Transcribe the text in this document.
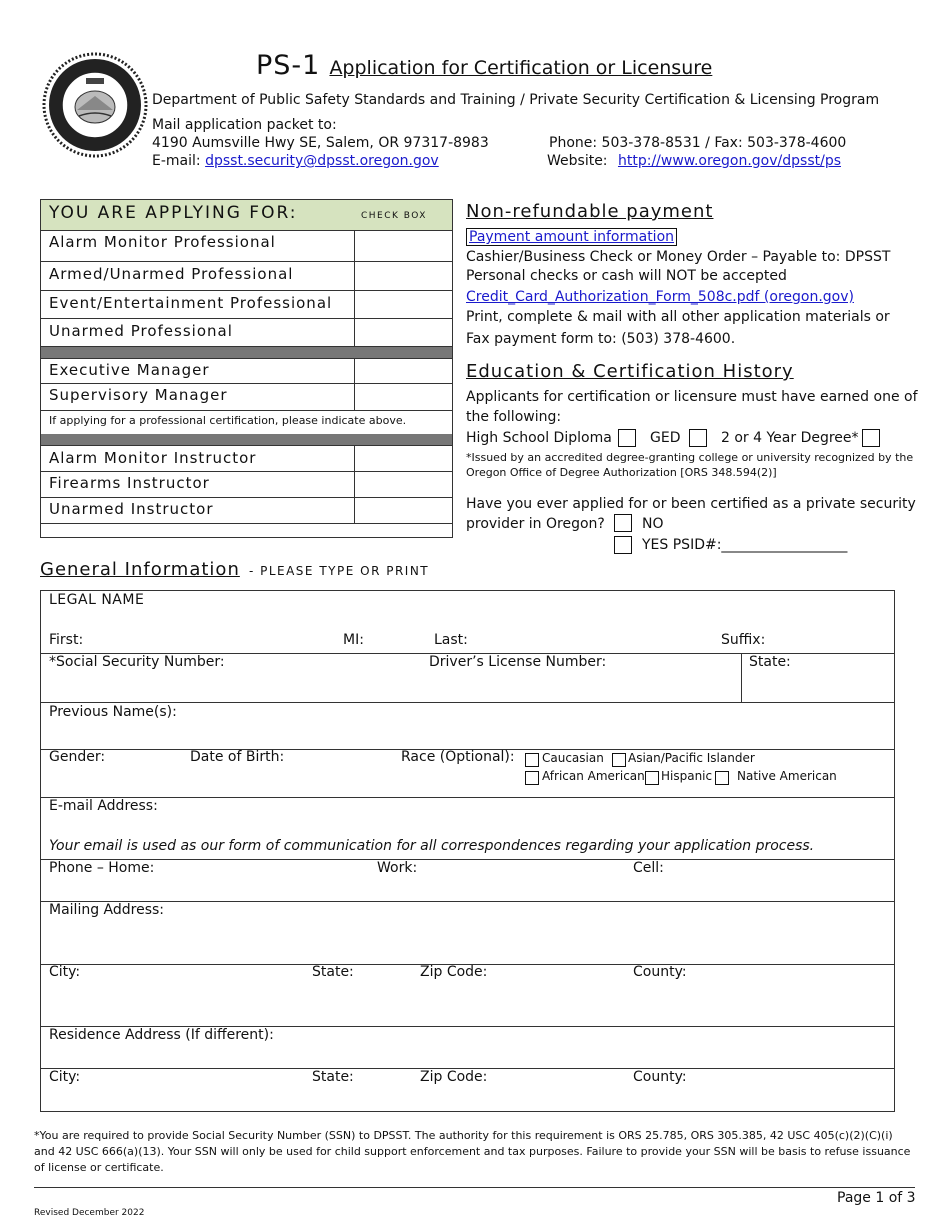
PS-1 Application for Certification or Licensure
Department of Public Safety Standards and Training / Private Security Certification & Licensing Program
Mail application packet to:
4190 Aumsville Hwy SE, Salem, OR 97317-8983	Phone: 503-378-8531 / Fax: 503-378-4600
E-mail: dpsst.security@dpsst.oregon.gov	Website: http://www.oregon.gov/dpsst/ps
YOU ARE APPLYING FOR:	CHECK BOX
Alarm Monitor Professional
Armed/Unarmed Professional
Event/Entertainment Professional
Unarmed Professional
Executive Manager
Supervisory Manager
If applying for a professional certification, please indicate above.
Alarm Monitor Instructor
Firearms Instructor
Unarmed Instructor
Non-refundable payment
Payment amount information
Cashier/Business Check or Money Order – Payable to: DPSST
Personal checks or cash will NOT be accepted
Credit_Card_Authorization_Form_508c.pdf (oregon.gov)
Print, complete & mail with all other application materials or
Fax payment form to: (503) 378-4600.
Education & Certification History
Applicants for certification or licensure must have earned one of
the following:
High School Diploma	GED	2 or 4 Year Degree*
*Issued by an accredited degree-granting college or university recognized by the
Oregon Office of Degree Authorization [ORS 348.594(2)]
Have you ever applied for or been certified as a private security
provider in Oregon?	NO
YES PSID#:__________________
General Information - PLEASE TYPE OR PRINT
LEGAL NAME
First:	MI:	Last:	Suffix:
*Social Security Number:	Driver’s License Number:	State:
Previous Name(s):
Gender:	Date of Birth:	Race (Optional): Caucasian Asian/Pacific Islander
African American Hispanic Native American
E-mail Address:
Your email is used as our form of communication for all correspondences regarding your application process.
Phone – Home:	Work:	Cell:
Mailing Address:
City:	State:	Zip Code:	County:
Residence Address (If different):
City:	State:	Zip Code:	County:
*You are required to provide Social Security Number (SSN) to DPSST. The authority for this requirement is ORS 25.785, ORS 305.385, 42 USC 405(c)(2)(C)(i)
and 42 USC 666(a)(13). Your SSN will only be used for child support enforcement and tax purposes. Failure to provide your SSN will be basis to refuse issuance
of license or certificate.
Page 1 of 3
Revised December 2022
